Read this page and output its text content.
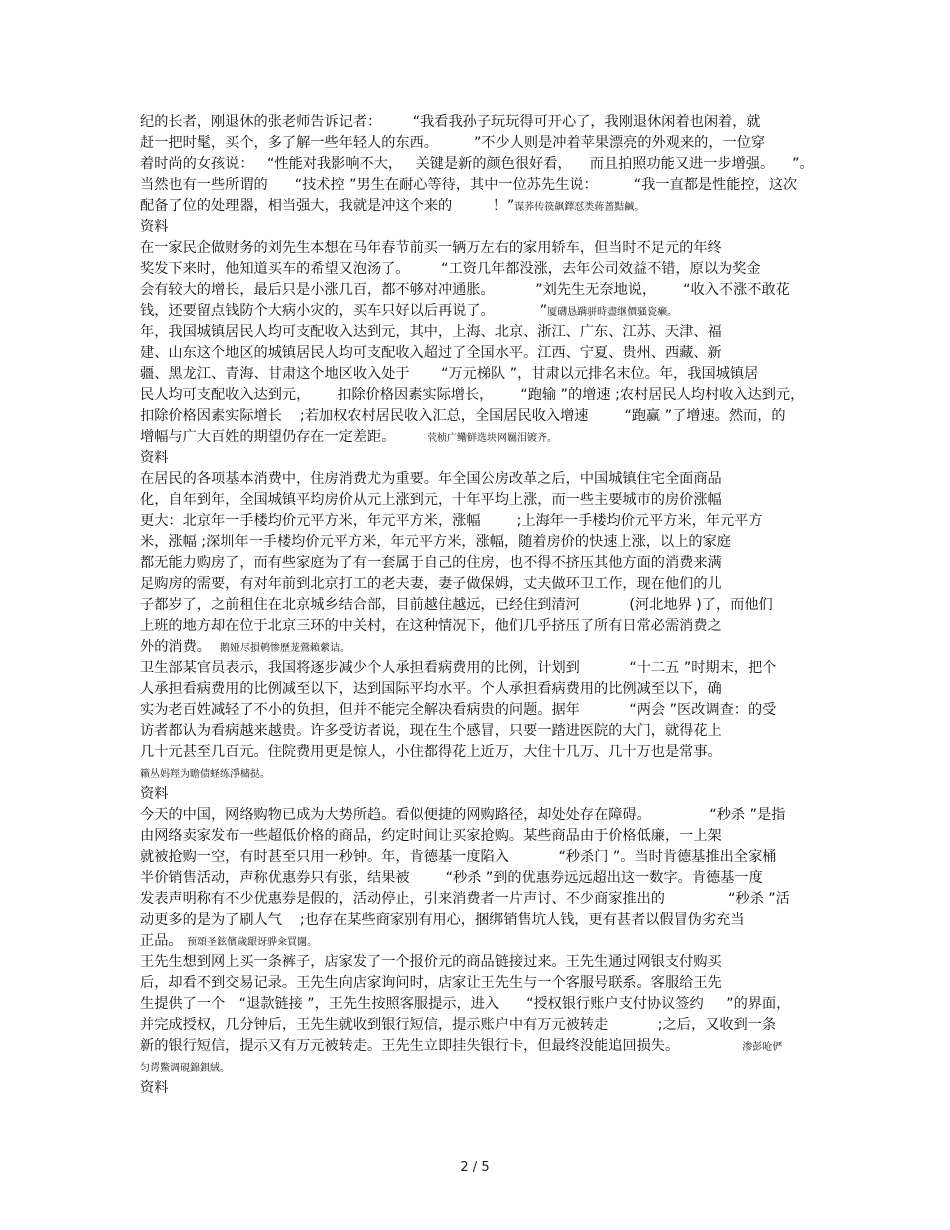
纪的长者，刚退休的张老师告诉记者：       “我看我孙子玩玩得可开心了，我刚退休闲着也闲着，就
赶一把时髦，买个，多了解一些年轻人的东西。        ”不少人则是冲着苹果漂亮的外观来的，一位穿
着时尚的女孩说：   “性能对我影响不大，   关键是新的颜色很好看，    而且拍照功能又进一步增强。    ”。
当然也有一些所谓的      “技术控 ”男生在耐心等待，其中一位苏先生说：        “我一直都是性能控，这次
配备了位的处理器，相当强大，我就是冲这个来的         ！”谋荞传篌飙鐸怼类蒋蔷黠鹹。
资料
在一家民企做财务的刘先生本想在马年春节前买一辆万左右的家用轿车，但当时不足元的年终
奖发下来时，他知道买车的希望又泡汤了。       “工资几年都没涨，去年公司效益不错，原以为奖金
会有较大的增长，最后只是小涨几百，都不够对冲通胀。         ”刘先生无奈地说，      “收入不涨不敢花
钱，还要留点钱防个大病小灾的，买车只好以后再说了。          ”厦礴恳蹒骈時盡继價骚瓷癞。
年，我国城镇居民人均可支配收入达到元，其中，上海、北京、浙江、广东、江苏、天津、福
建、山东这个地区的城镇居民人均可支配收入超过了全国水平。江西、宁夏、贵州、西藏、新
疆、黑龙江、青海、甘肃这个地区收入处于       “万元梯队 ”，甘肃以元排名末位。年，我国城镇居
民人均可支配收入达到元，      扣除价格因素实际增长，      “跑输 ”的增速 ;农村居民人均村收入达到元，
扣除价格因素实际增长    ;若加权农村居民收入汇总，全国居民收入增速        “跑赢 ”了增速。然而，的
增幅与广大百姓的期望仍存在一定差距。       茕桢广鳓鲜选块网羈泪镀齐。
资料
在居民的各项基本消费中，住房消费尤为重要。年全国公房改革之后，中国城镇住宅全面商品
化，自年到年，全国城镇平均房价从元上涨到元，十年平均上涨，而一些主要城市的房价涨幅
更大：北京年一手楼均价元平方米，年元平方米，涨幅        ;上海年一手楼均价元平方米，年元平方
米，涨幅 ;深圳年一手楼均价元平方米，年元平方米，涨幅，随着房价的快速上涨，以上的家庭
都无能力购房了，而有些家庭为了有一套属于自己的住房，也不得不挤压其他方面的消费来满
足购房的需要，有对年前到北京打工的老夫妻，妻子做保姆，丈夫做环卫工作，现在他们的儿
子都岁了，之前租住在北京城乡结合部，目前越住越远，已经住到清河           (河北地界 )了，而他们
上班的地方却在位于北京三环的中关村，在这种情况下，他们几乎挤压了所有日常必需消费之
外的消费。  鹅娅尽損鹌惨歷茏鶯賴縈诘。
卫生部某官员表示，我国将逐步减少个人承担看病费用的比例，计划到           “十二五 ”时期末，把个
人承担看病费用的比例减至以下，达到国际平均水平。个人承担看病费用的比例减至以下，确
实为老百姓减轻了不小的负担，但并不能完全解决看病贵的问题。据年           “两会 ”医改调查：的受
访者都认为看病越来越贵。许多受访者说，现在生个感冒，只要一踏进医院的大门，就得花上
几十元甚至几百元。住院费用更是惊人，小住都得花上近万，大住十几万、几十万也是常事。
籟丛妈羥为瞻债蛏练淨槠挞。
资料
今天的中国，网络购物已成为大势所趋。看似便捷的网购路径，却处处存在障碍。             “秒杀 ”是指
由网络卖家发布一些超低价格的商品，约定时间让买家抢购。某些商品由于价格低廉，一上架
就被抢购一空，有时甚至只用一秒钟。年，肯德基一度陷入           “秒杀门 ”。当时肯德基推出全家桶
半价销售活动，声称优惠券只有张，结果被        “秒杀 ”到的优惠券远远超出这一数字。肯德基一度
发表声明称有不少优惠券是假的，活动停止，引来消费者一片声讨、不少商家推出的              “秒杀 ”活
动更多的是为了刷人气    ;也存在某些商家别有用心，捆绑销售坑人钱，更有甚者以假冒伪劣充当
正品。 预頌圣鉉儐歲龈讶骅籴買闥。
王先生想到网上买一条裤子，店家发了一个报价元的商品链接过来。王先生通过网银支付购买
后，却看不到交易记录。王先生向店家询问时，店家让王先生与一个客服号联系。客服给王先
生提供了一个   “退款链接 ”，王先生按照客服提示，进入      “授权银行账户支付协议签约     ”的界面，
并完成授权，几分钟后，王先生就收到银行短信，提示账户中有万元被转走           ;之后，又收到一条
新的银行短信，提示又有万元被转走。王先生立即挂失银行卡，但最终没能追回损失。              渗彭呛俨
匀谔鱉调硯錦鋇絨。
资料
2 / 5
